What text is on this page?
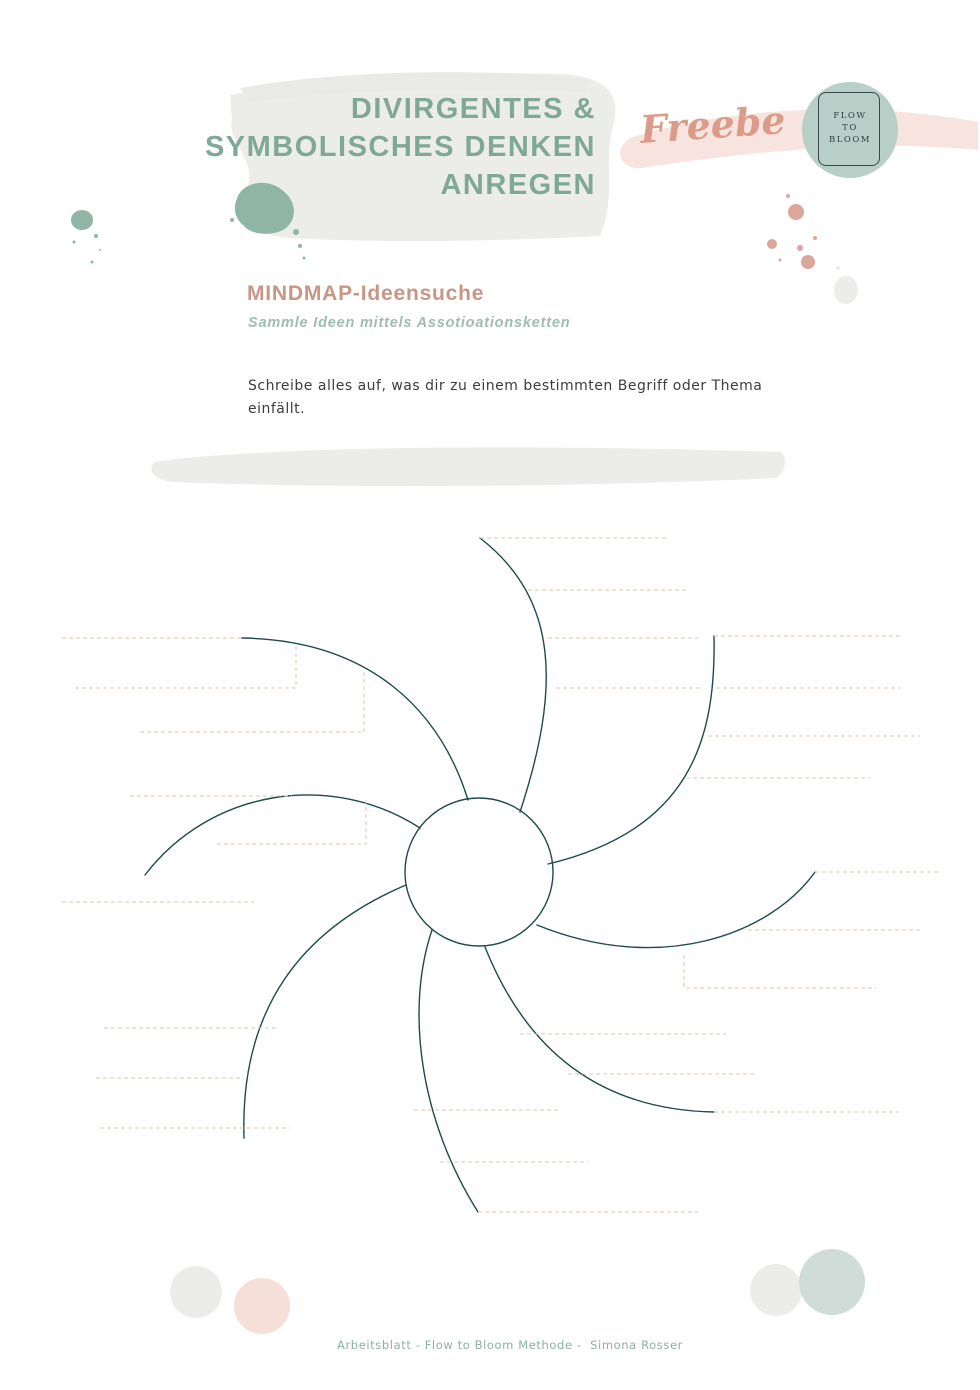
DIVIRGENTES &
SYMBOLISCHES DENKEN
ANREGEN
Freebe	FLOW
TO
BLOOM
MINDMAP-Ideensuche
Sammle Ideen mittels Assotioationsketten
Schreibe alles auf, was dir zu einem bestimmten Begriff oder Thema einfällt.
Arbeitsblatt - Flow to Bloom Methode -  Simona Rosser
